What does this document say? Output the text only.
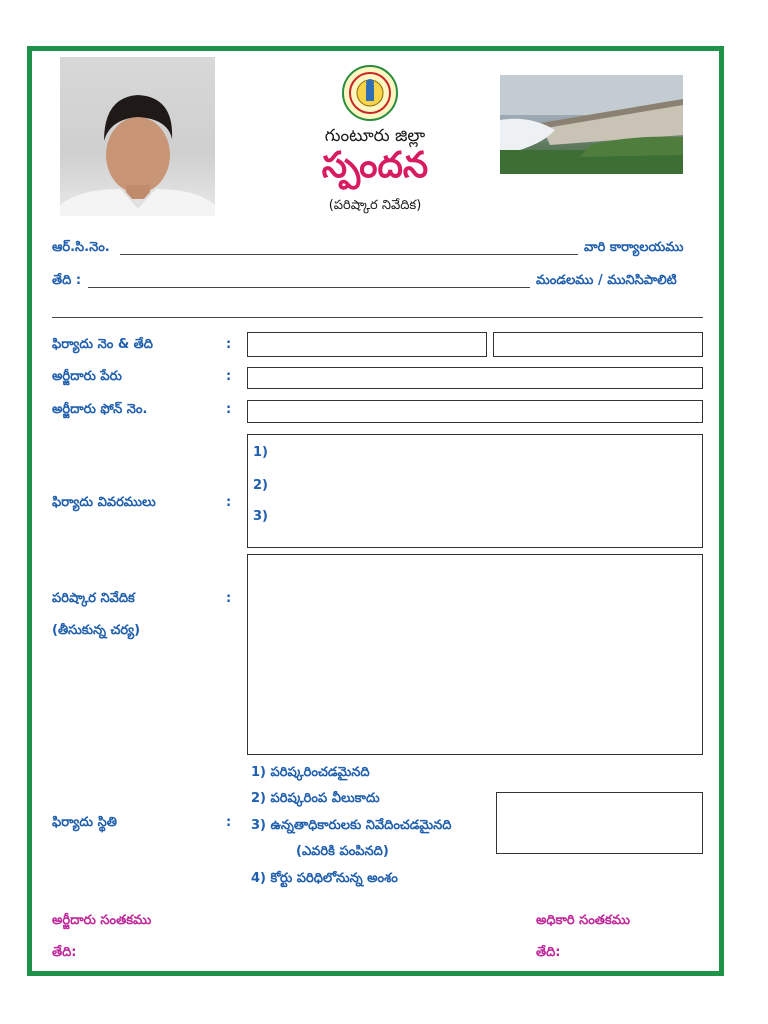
గుంటూరు జిల్లా
స్పందన
(పరిష్కార నివేదిక)
ఆర్.సి.నెం.	వారి కార్యాలయము
తేది :	మండలము / మునిసిపాలిటి
ఫిర్యాదు నెం & తేది	:
అర్జీదారు పేరు	:
అర్జీదారు ఫోన్ నెం.	:
ఫిర్యాదు వివరములు	:
1)
2)
3)
పరిష్కార నివేదిక	:
(తీసుకున్న చర్య)
1) పరిష్కరించడమైనది
2) పరిష్కరింప వీలుకాదు
3) ఉన్నతాధికారులకు నివేదించడమైనది
(ఎవరికి పంపినది)
4) కోర్టు పరిధిలోనున్న అంశం
ఫిర్యాదు స్థితి	:
అర్జీదారు సంతకము
తేది:
అధికారి సంతకము
తేది:
